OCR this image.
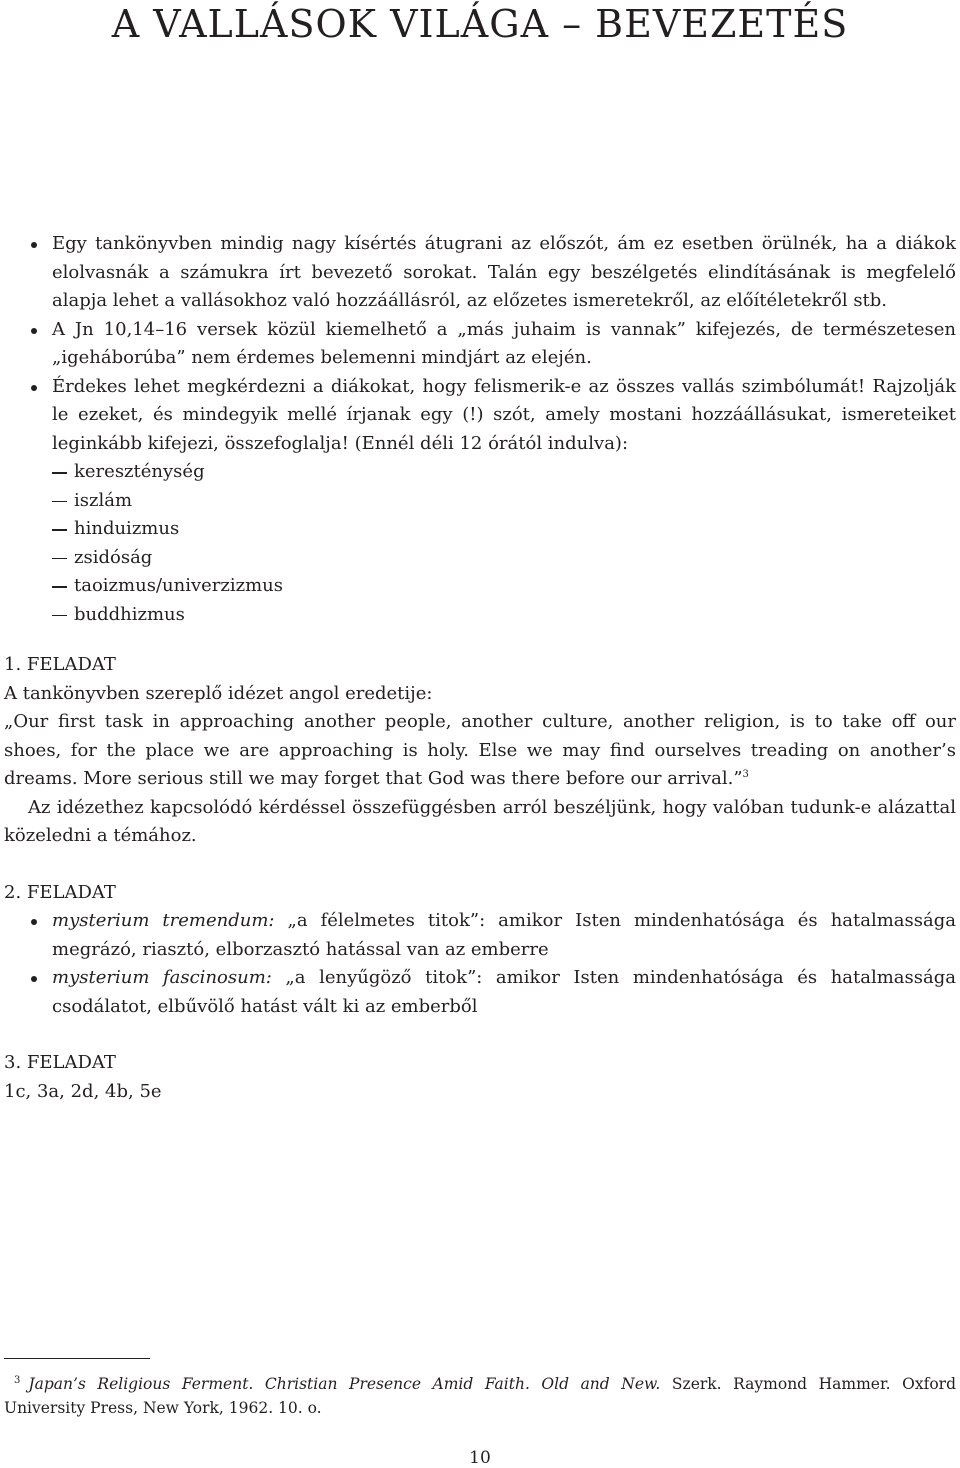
A VALLÁSOK VILÁGA – BEVEZETÉS
Egy tankönyvben mindig nagy kísértés átugrani az előszót, ám ez esetben örülnék, ha a diákok elolvasnák a számukra írt bevezető sorokat. Talán egy beszélgetés elindításának is megfelelő alapja lehet a vallásokhoz való hozzáállásról, az előzetes ismeretekről, az előítéletekről stb.
A Jn 10,14–16 versek közül kiemelhető a „más juhaim is vannak” kifejezés, de természetesen „igeháborúba” nem érdemes belemenni mindjárt az elején.
Érdekes lehet megkérdezni a diákokat, hogy felismerik-e az összes vallás szimbólumát! Rajzolják le ezeket, és mindegyik mellé írjanak egy (!) szót, amely mostani hozzáállásukat, ismereteiket leginkább kifejezi, összefoglalja! (Ennél déli 12 órától indulva):
kereszténység
iszlám
hinduizmus
zsidóság
taoizmus/univerzizmus
buddhizmus
1. FELADAT
A tankönyvben szereplő idézet angol eredetije:
„Our first task in approaching another people, another culture, another religion, is to take off our shoes, for the place we are approaching is holy. Else we may find ourselves treading on another’s dreams. More serious still we may forget that God was there before our arrival.”$^3$
Az idézethez kapcsolódó kérdéssel összefüggésben arról beszéljünk, hogy valóban tudunk-e alázattal közeledni a témához.
2. FELADAT
mysterium tremendum: „a félelmetes titok”: amikor Isten mindenhatósága és hatalmassága megrázó, riasztó, elborzasztó hatással van az emberre
mysterium fascinosum: „a lenyűgöző titok”: amikor Isten mindenhatósága és hatalmassága csodálatot, elbűvölő hatást vált ki az emberből
3. FELADAT
1c, 3a, 2d, 4b, 5e
$^3$ Japan’s Religious Ferment. Christian Presence Amid Faith. Old and New. Szerk. Raymond Hammer. Oxford University Press, New York, 1962. 10. o.
10
